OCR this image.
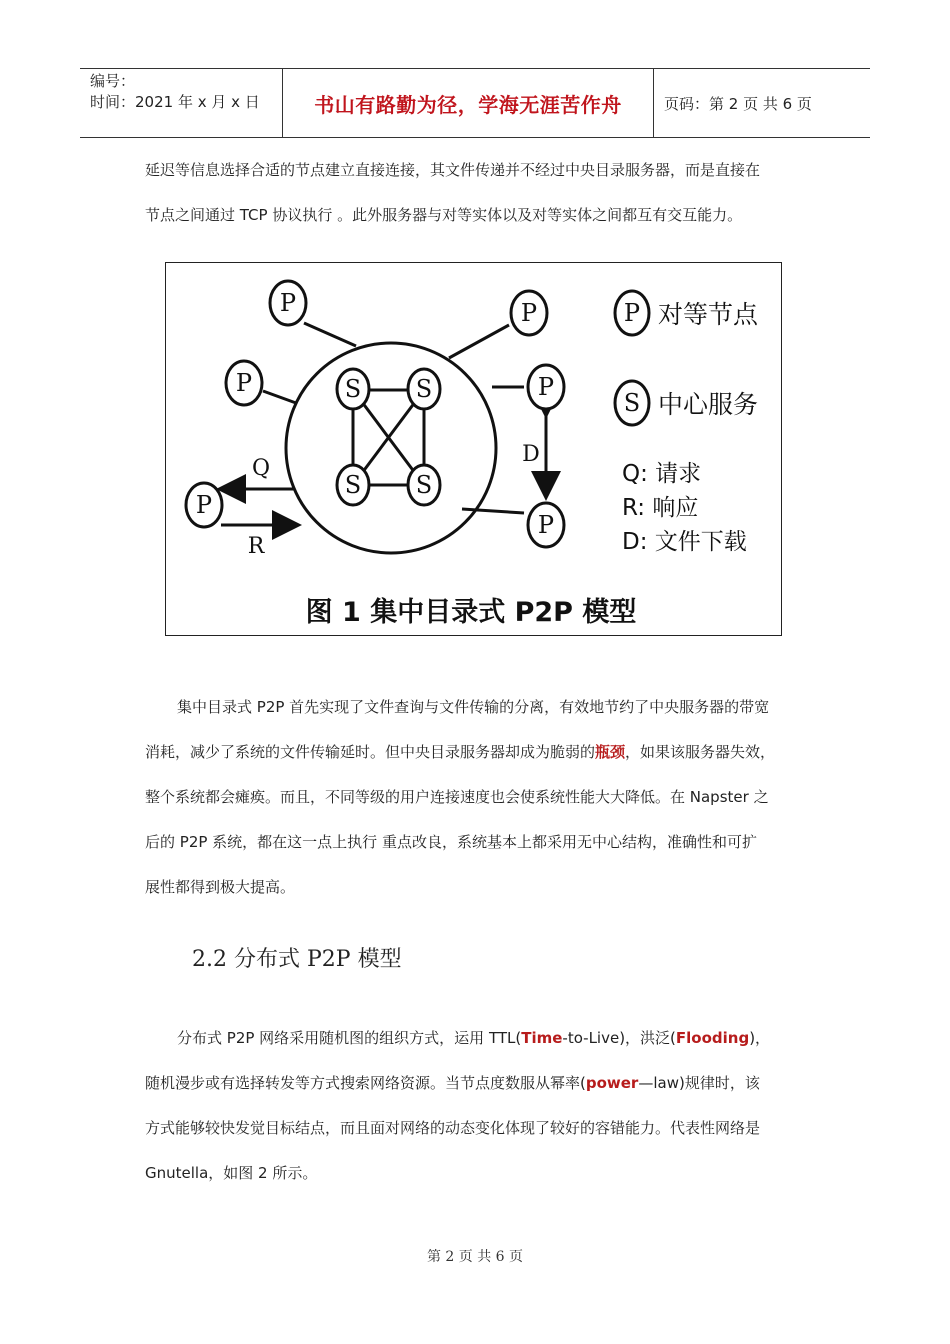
编号：
时间：2021 年 x 月 x 日	书山有路勤为径，学海无涯苦作舟	页码：第 2 页 共 6 页

延迟等信息选择合适的节点建立直接连接，其文件传递并不经过中央目录服务器，而是直接在

节点之间通过 TCP 协议执行 。此外服务器与对等实体以及对等实体之间都互有交互能力。

P
P
P
P
P
P
S S
S S
P
S
Q
R
D
对等节点
中心服务
Q: 请求
R: 响应
D: 文件下载
图 1 集中目录式 P2P 模型

集中目录式 P2P 首先实现了文件查询与文件传输的分离，有效地节约了中央服务器的带宽

消耗，减少了系统的文件传输延时。但中央目录服务器却成为脆弱的瓶颈，如果该服务器失效，

整个系统都会瘫痪。而且，不同等级的用户连接速度也会使系统性能大大降低。在 Napster 之

后的 P2P 系统，都在这一点上执行 重点改良，系统基本上都采用无中心结构，准确性和可扩

展性都得到极大提高。

2.2 分布式 P2P 模型

分布式 P2P 网络采用随机图的组织方式，运用 TTL(Time-to-Live)，洪泛(Flooding)，

随机漫步或有选择转发等方式搜索网络资源。当节点度数服从幂率(power—law)规律时，该

方式能够较快发觉目标结点，而且面对网络的动态变化体现了较好的容错能力。代表性网络是

Gnutella，如图 2 所示。

第 2 页 共 6 页
